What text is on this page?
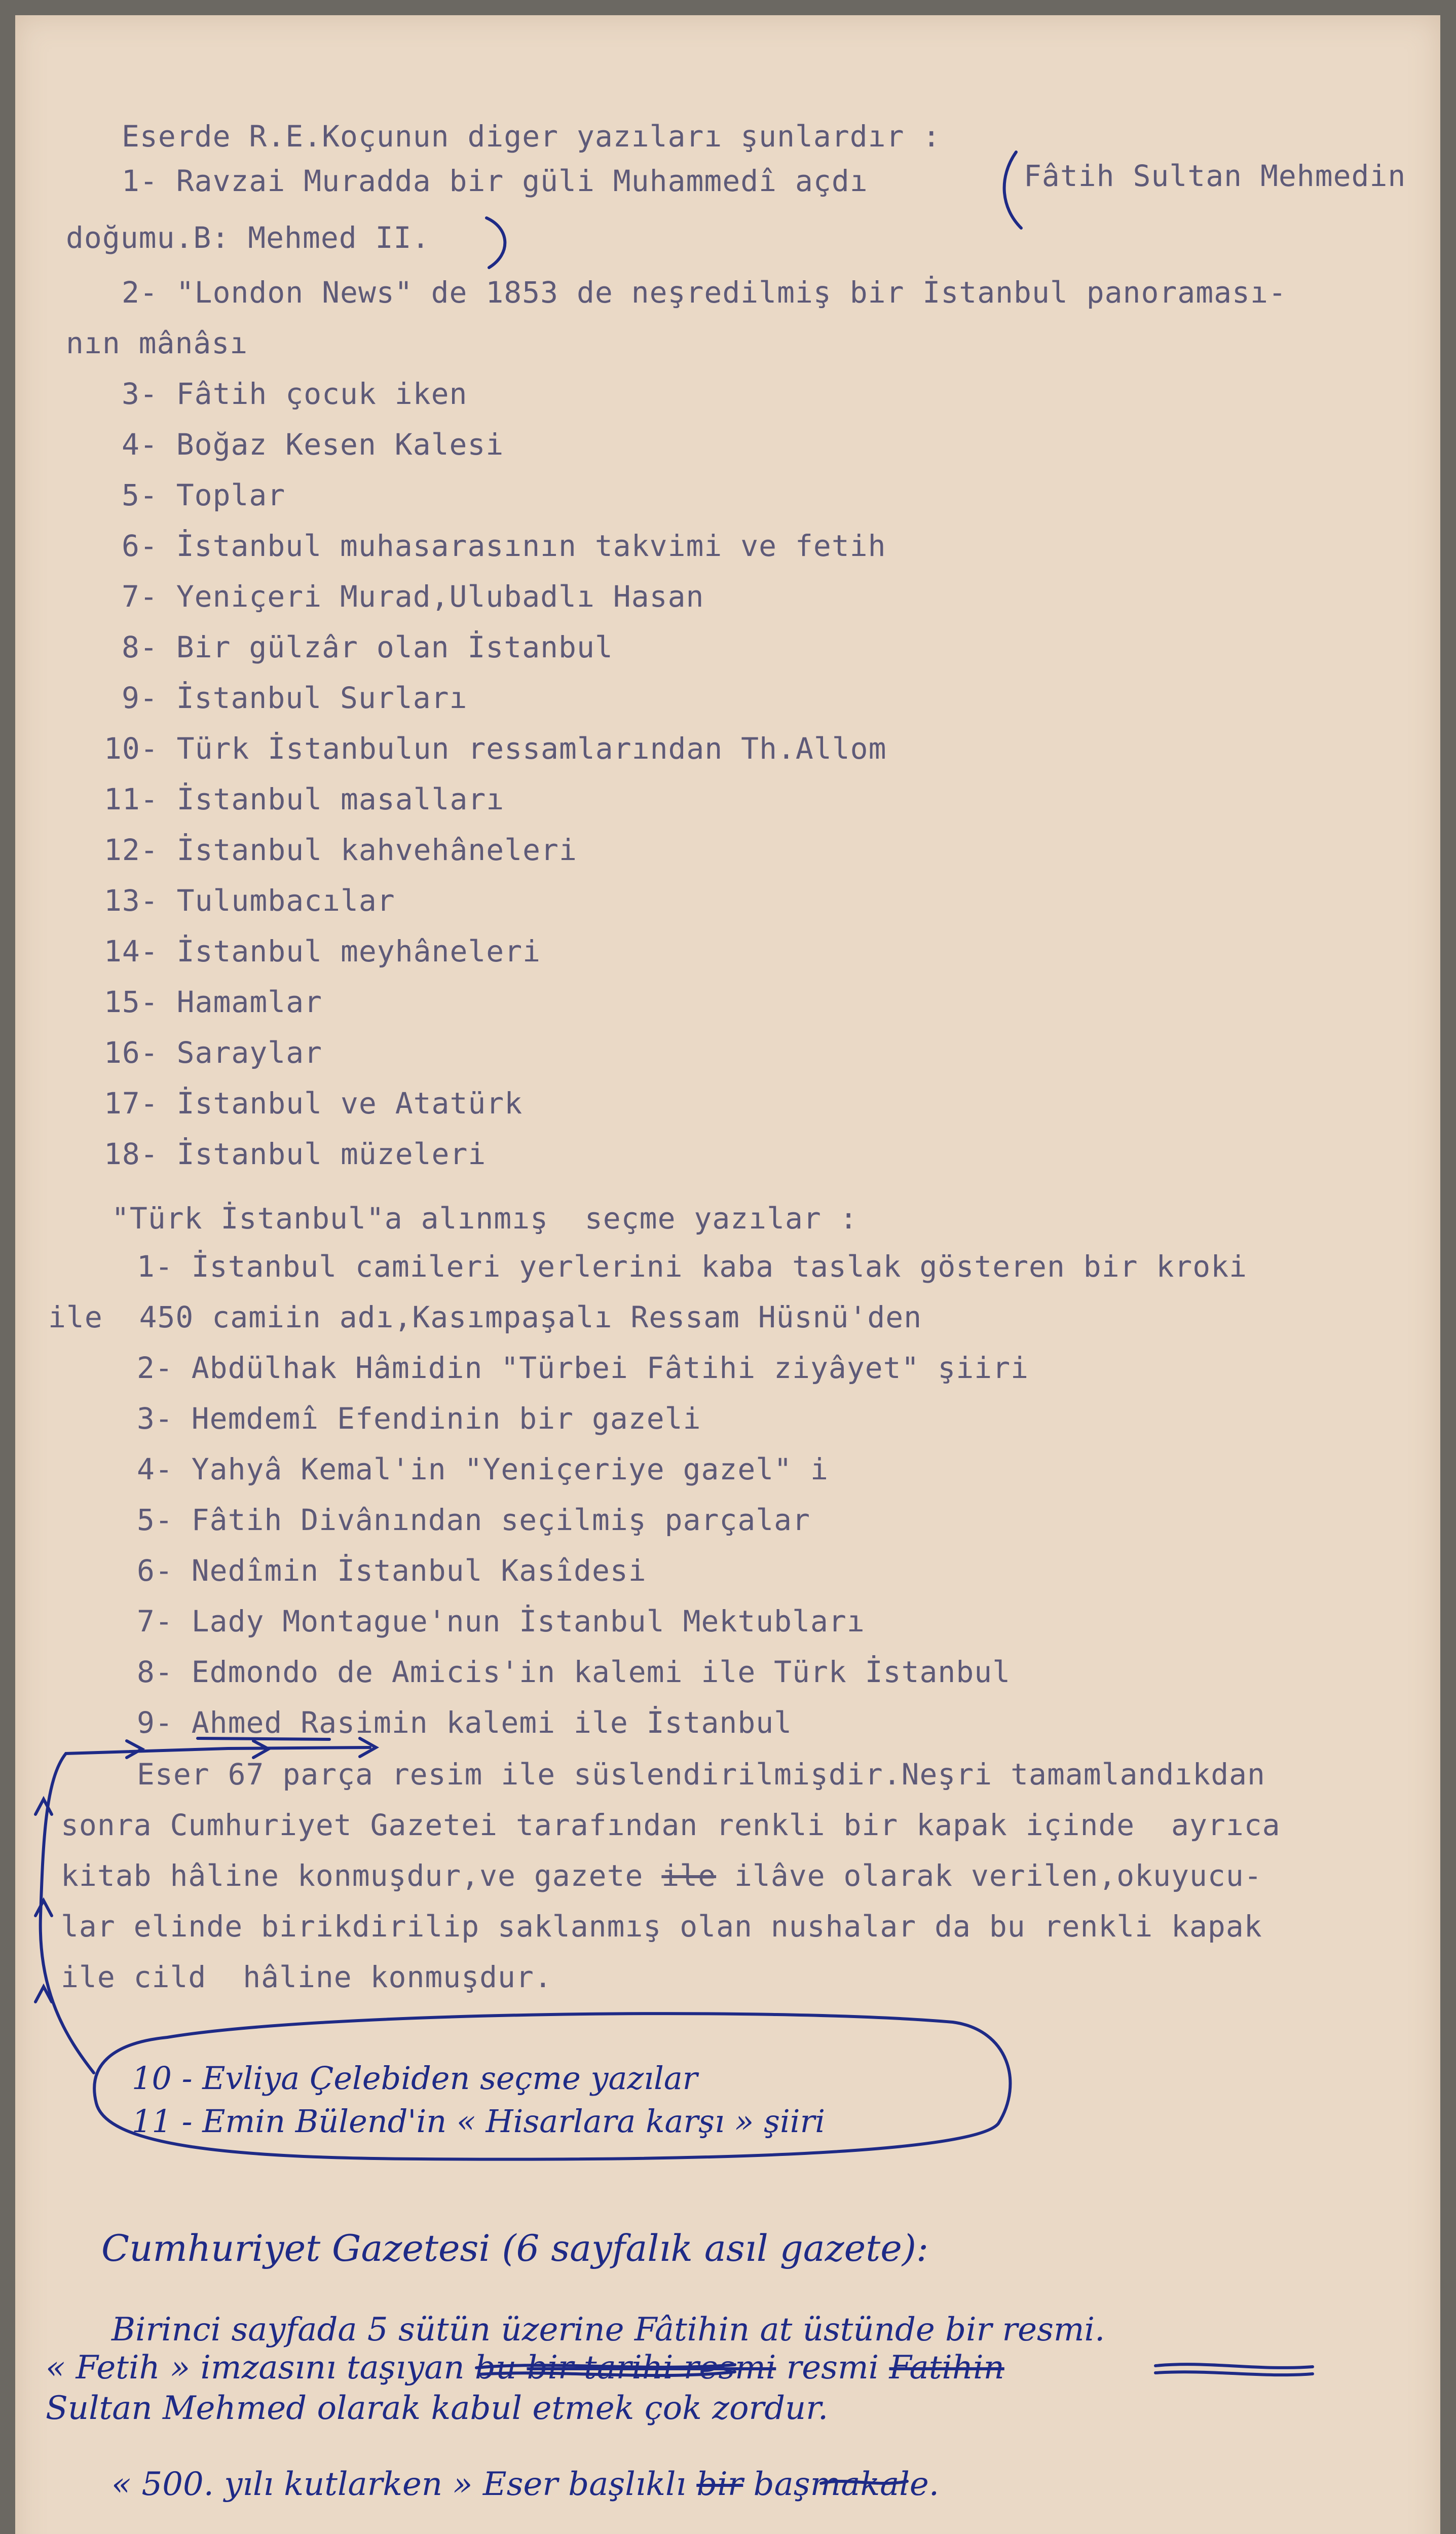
Eserde R.E.Koçunun diger yazıları şunlardır :

1- Ravzai Muradda bir güli Muhammedî açdı	Fâtih Sultan Mehmedin

doğumu.B: Mehmed II.

2- "London News" de 1853 de neşredilmiş bir İstanbul panoraması-

nın mânâsı

3- Fâtih çocuk iken

4- Boğaz Kesen Kalesi

5- Toplar

6- İstanbul muhasarasının takvimi ve fetih

7- Yeniçeri Murad,Ulubadlı Hasan

8- Bir gülzâr olan İstanbul

9- İstanbul Surları

10- Türk İstanbulun ressamlarından Th.Allom

11- İstanbul masalları

12- İstanbul kahvehâneleri

13- Tulumbacılar

14- İstanbul meyhâneleri

15- Hamamlar

16- Saraylar

17- İstanbul ve Atatürk

18- İstanbul müzeleri

"Türk İstanbul"a alınmış  seçme yazılar :

1- İstanbul camileri yerlerini kaba taslak gösteren bir kroki

ile  450 camiin adı,Kasımpaşalı Ressam Hüsnü'den

2- Abdülhak Hâmidin "Türbei Fâtihi ziyâyet" şiiri

3- Hemdemî Efendinin bir gazeli

4- Yahyâ Kemal'in "Yeniçeriye gazel" i

5- Fâtih Divânından seçilmiş parçalar

6- Nedîmin İstanbul Kasîdesi

7- Lady Montague'nun İstanbul Mektubları

8- Edmondo de Amicis'in kalemi ile Türk İstanbul

9- Ahmed Rasimin kalemi ile İstanbul

Eser 67 parça resim ile süslendirilmişdir.Neşri tamamlandıkdan

sonra Cumhuriyet Gazetei tarafından renkli bir kapak içinde  ayrıca

kitab hâline konmuşdur,ve gazete ile ilâve olarak verilen,okuyucu-

lar elinde birikdirilip saklanmış olan nushalar da bu renkli kapak

ile cild  hâline konmuşdur.

10 - Evliya Çelebiden seçme yazılar

11 - Emin Bülend'in « Hisarlara karşı » şiiri

Cumhuriyet Gazetesi (6 sayfalık asıl gazete):

Birinci sayfada 5 sütün üzerine Fâtihin at üstünde bir resmi.

« Fetih » imzasını taşıyan bu bir tarihi resmi resmi Fatihin

Sultan Mehmed olarak kabul etmek çok zordur.

« 500. yılı kutlarken » Eser başlıklı bir başmakale.
